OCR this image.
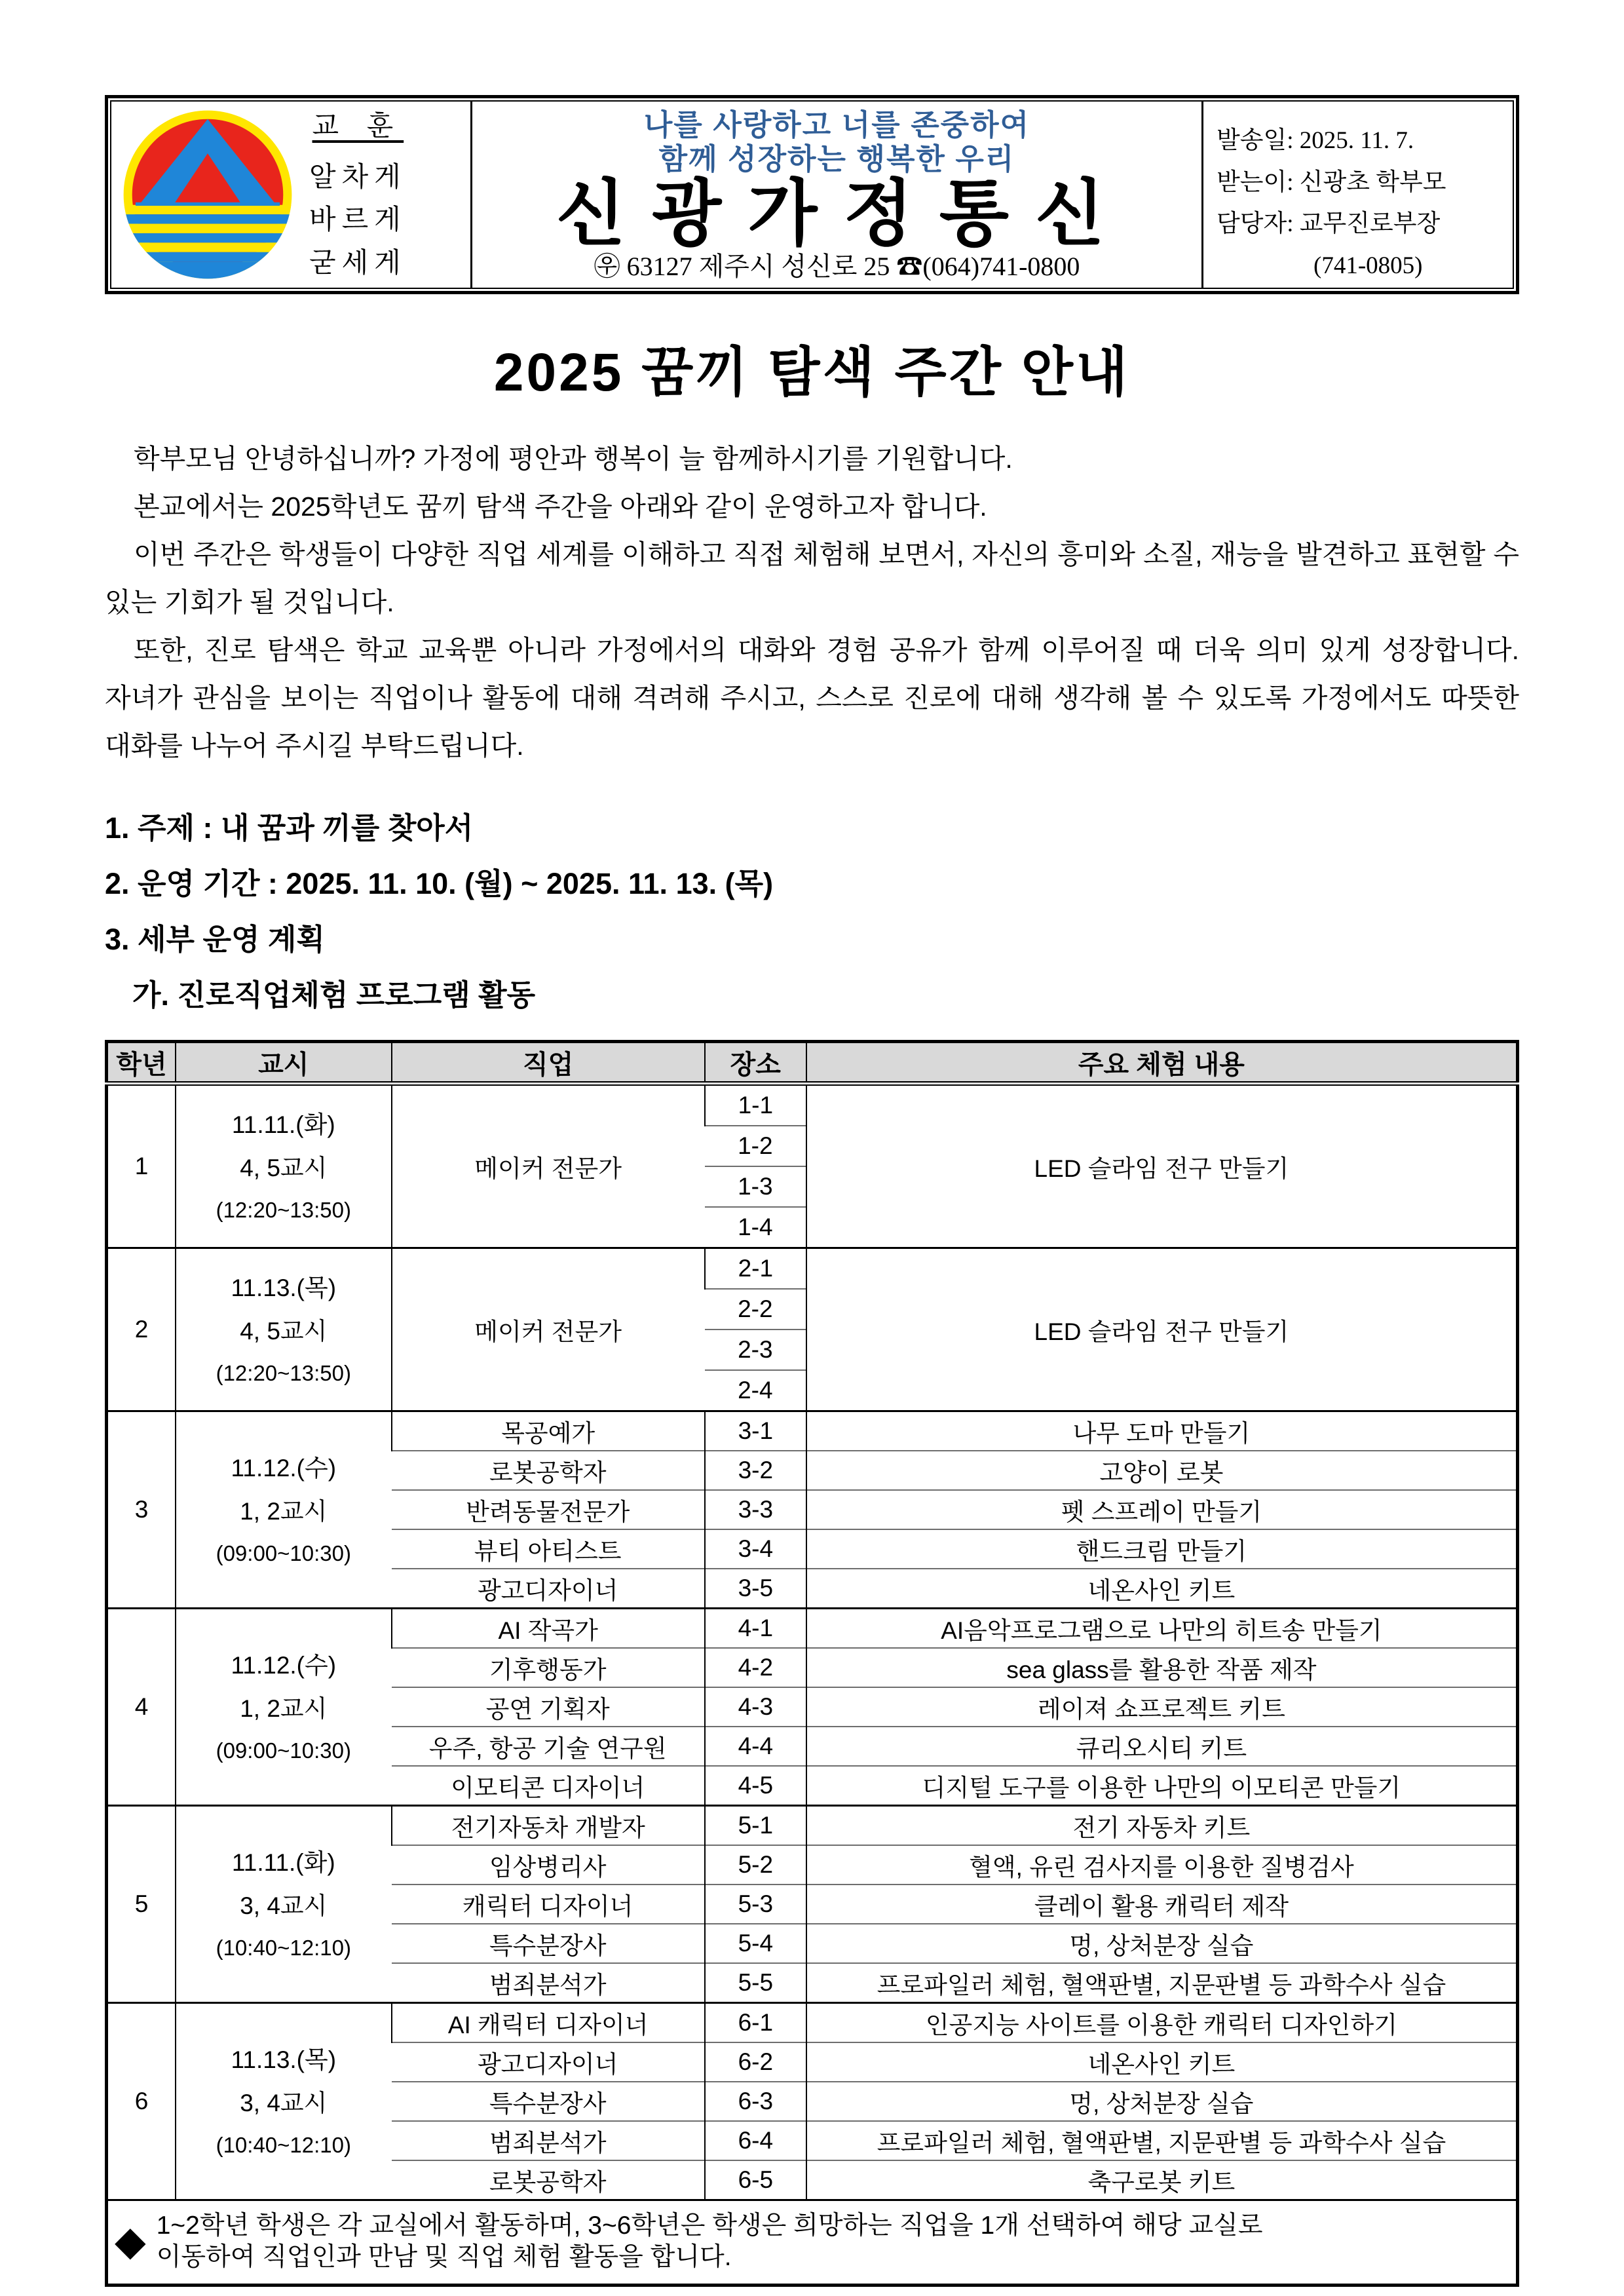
교 훈
알차게
바르게
굳세게
나를 사랑하고 너를 존중하여
함께 성장하는 행복한 우리
신광가정통신
㉾ 63127 제주시 성신로 25 ☎(064)741-0800
발송일: 2025. 11. 7.
받는이: 신광초 학부모
담당자: 교무진로부장
(741-0805)
2025 꿈끼 탐색 주간 안내

학부모님 안녕하십니까? 가정에 평안과 행복이 늘 함께하시기를 기원합니다.

본교에서는 2025학년도 꿈끼 탐색 주간을 아래와 같이 운영하고자 합니다.

이번 주간은 학생들이 다양한 직업 세계를 이해하고 직접 체험해 보면서, 자신의 흥미와 소질, 재능을 발견하고 표현할 수 있는 기회가 될 것입니다.

또한, 진로 탐색은 학교 교육뿐 아니라 가정에서의 대화와 경험 공유가 함께 이루어질 때 더욱 의미 있게 성장합니다. 자녀가 관심을 보이는 직업이나 활동에 대해 격려해 주시고, 스스로 진로에 대해 생각해 볼 수 있도록 가정에서도 따뜻한 대화를 나누어 주시길 부탁드립니다.

1. 주제 : 내 꿈과 끼를 찾아서
2. 운영 기간 : 2025. 11. 10. (월) ~ 2025. 11. 13. (목)
3. 세부 운영 계획
가. 진로직업체험 프로그램 활동
학년	교시	직업	장소	주요 체험 내용
1	11.11.(화)
4, 5교시
(12:20~13:50)	메이커 전문가	1-1	LED 슬라임 전구 만들기
			1-2	
			1-3	
			1-4	
2	11.13.(목)
4, 5교시
(12:20~13:50)	메이커 전문가	2-1	LED 슬라임 전구 만들기
			2-2	
			2-3	
			2-4	
3	11.12.(수)
1, 2교시
(09:00~10:30)	목공예가	3-1	나무 도마 만들기
		로봇공학자	3-2	고양이 로봇
		반려동물전문가	3-3	펫 스프레이 만들기
		뷰티 아티스트	3-4	핸드크림 만들기
		광고디자이너	3-5	네온사인 키트
4	11.12.(수)
1, 2교시
(09:00~10:30)	AI 작곡가	4-1	AI음악프로그램으로 나만의 히트송 만들기
		기후행동가	4-2	sea glass를 활용한 작품 제작
		공연 기획자	4-3	레이져 쇼프로젝트 키트
		우주, 항공 기술 연구원	4-4	큐리오시티 키트
		이모티콘 디자이너	4-5	디지털 도구를 이용한 나만의 이모티콘 만들기
5	11.11.(화)
3, 4교시
(10:40~12:10)	전기자동차 개발자	5-1	전기 자동차 키트
		임상병리사	5-2	혈액, 유린 검사지를 이용한 질병검사
		캐릭터 디자이너	5-3	클레이 활용 캐릭터 제작
		특수분장사	5-4	멍, 상처분장 실습
		범죄분석가	5-5	프로파일러 체험, 혈액판별, 지문판별 등 과학수사 실습
6	11.13.(목)
3, 4교시
(10:40~12:10)	AI 캐릭터 디자이너	6-1	인공지능 사이트를 이용한 캐릭터 디자인하기
		광고디자이너	6-2	네온사인 키트
		특수분장사	6-3	멍, 상처분장 실습
		범죄분석가	6-4	프로파일러 체험, 혈액판별, 지문판별 등 과학수사 실습
		로봇공학자	6-5	축구로봇 키트

◆ 1~2학년 학생은 각 교실에서 활동하며, 3~6학년은 학생은 희망하는 직업을 1개 선택하여 해당 교실로
이동하여 직업인과 만남 및 직업 체험 활동을 합니다.				
